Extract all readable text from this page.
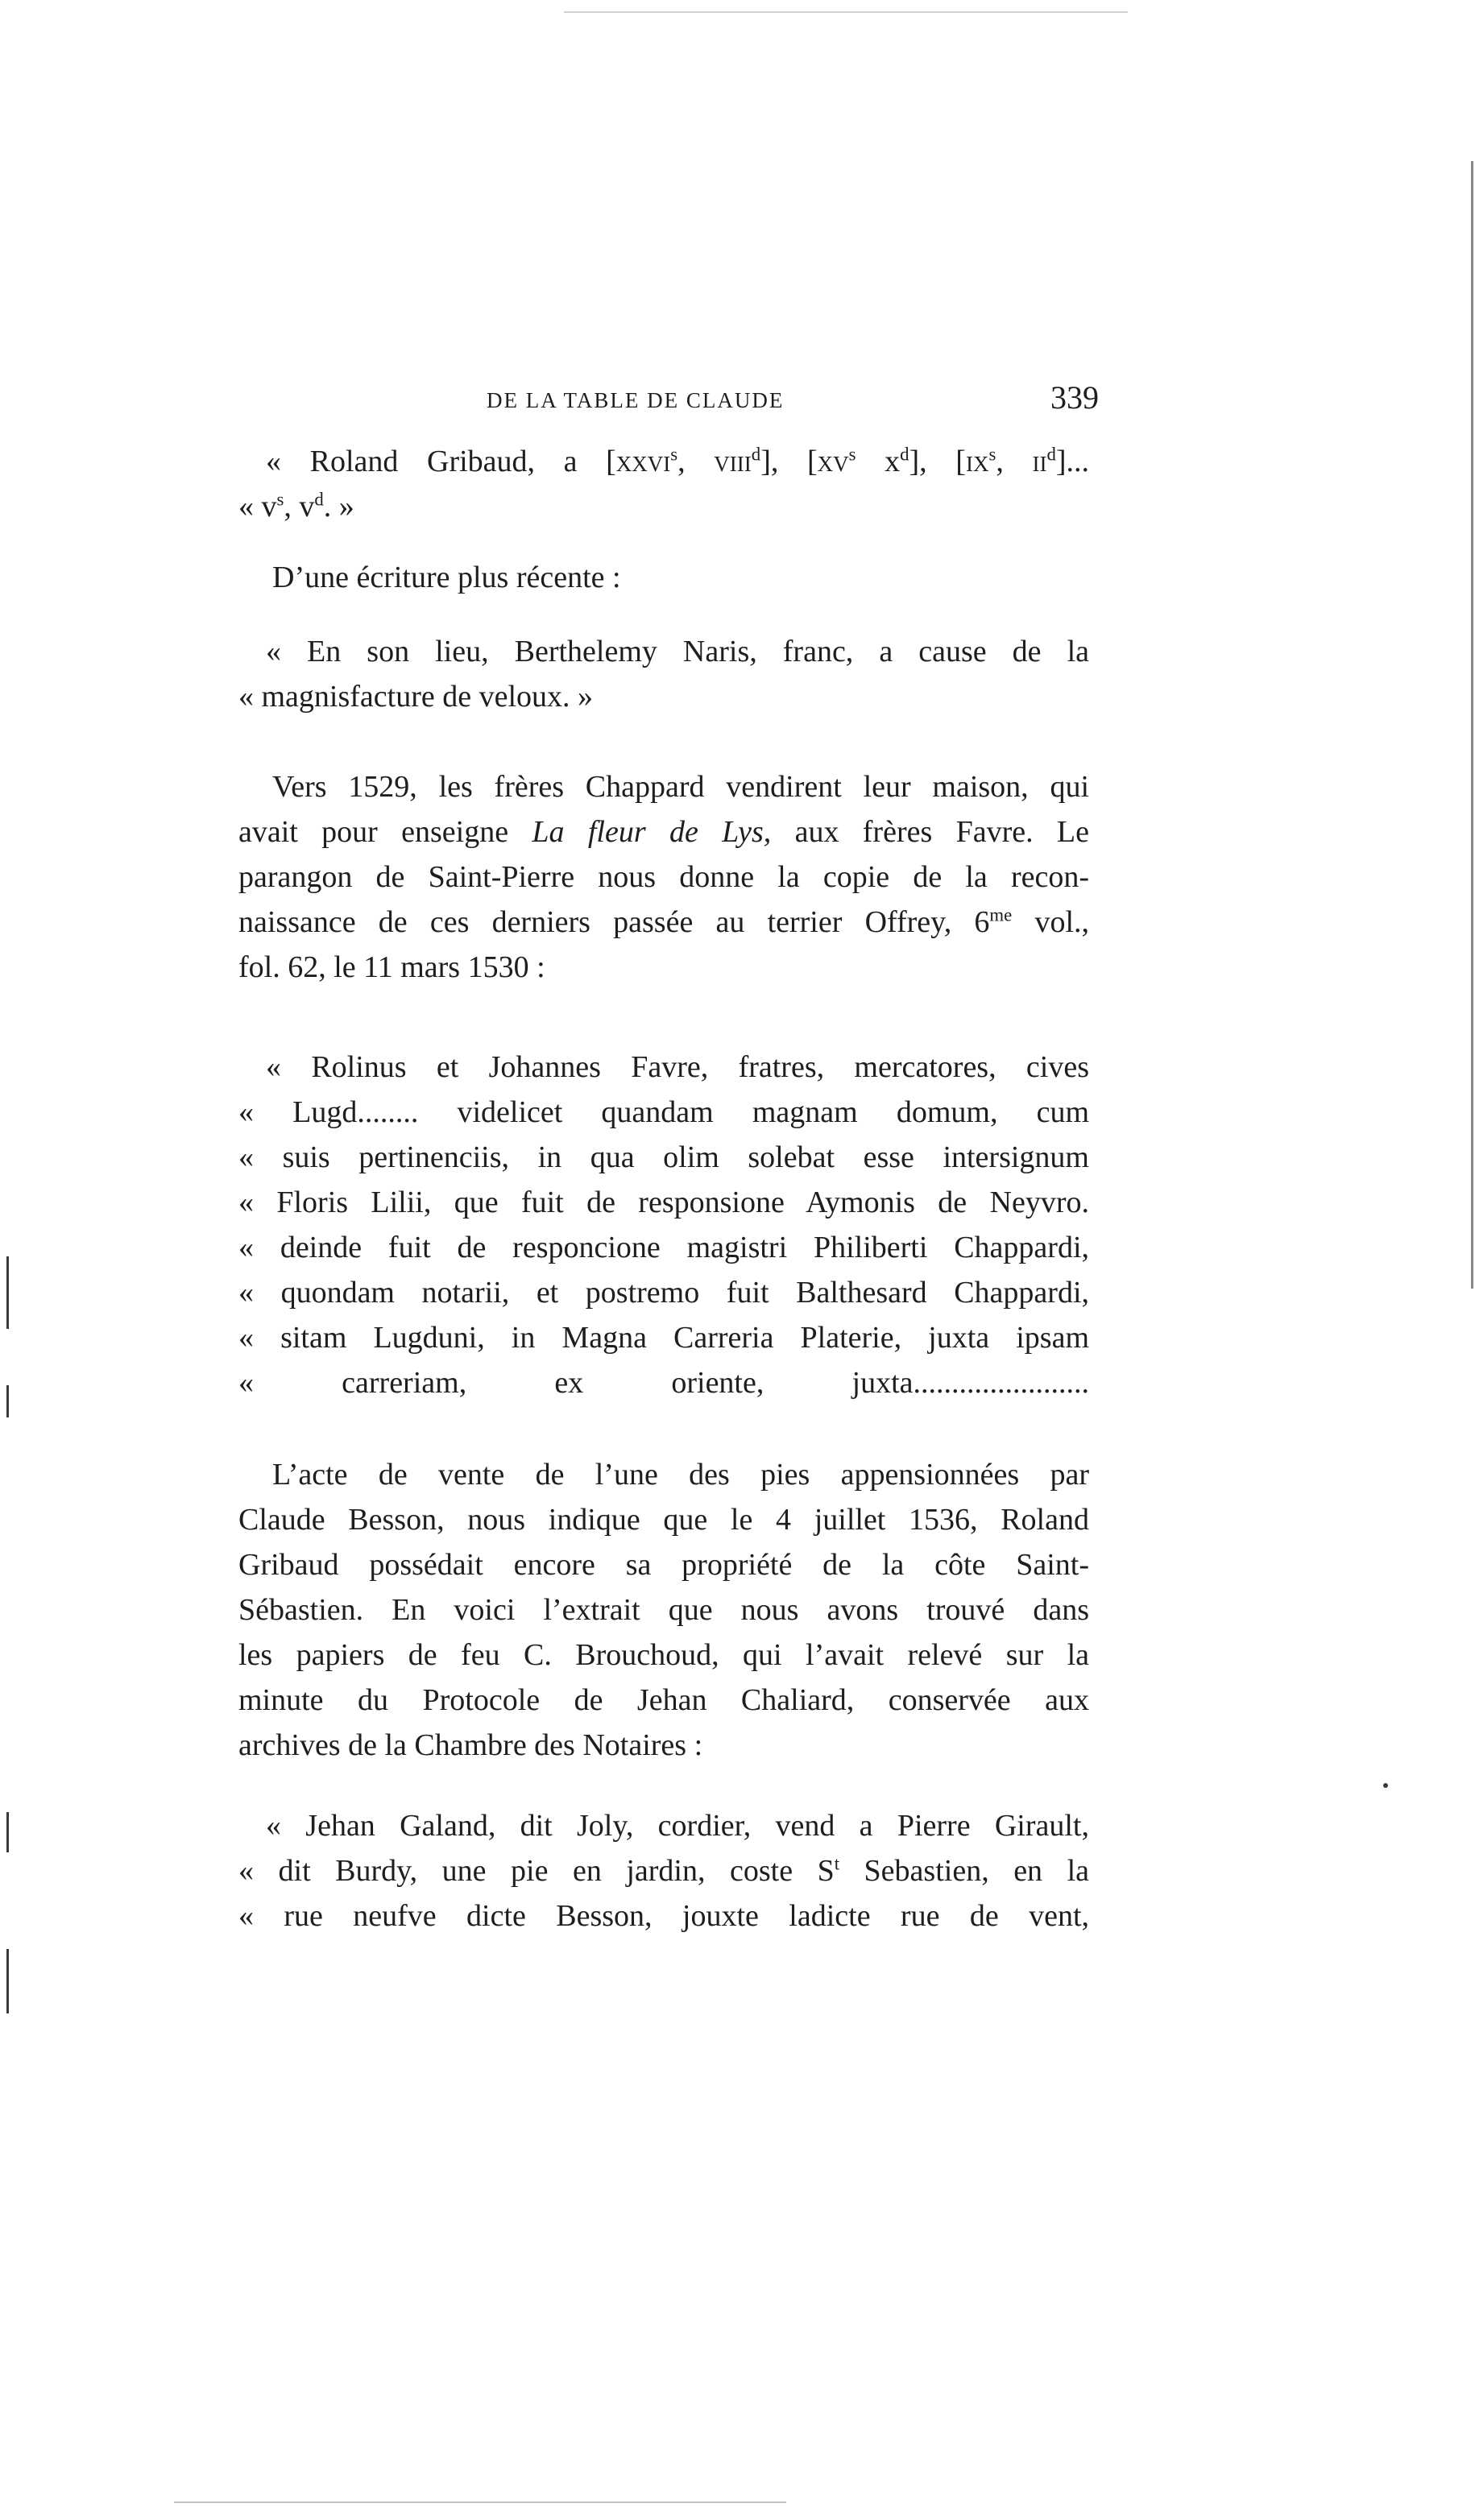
DE LA TABLE DE CLAUDE	339
« Roland Gribaud, a [xxvi$^s$, viii$^d$], [$xv^s$ $x^d$], [$ix^s$, $ii^d$]...
« $v^s$, $v^d$. »
D’une écriture plus récente :
« En son lieu, Berthelemy Naris, franc, a cause de la
« magnisfacture de veloux. »
Vers 1529, les frères Chappard vendirent leur maison, qui
avait pour enseigne La fleur de Lys, aux frères Favre. Le
parangon de Saint-Pierre nous donne la copie de la recon-
naissance de ces derniers passée au terrier Offrey, $6^{me}$ vol.,
fol. 62, le 11 mars 1530 :
« Rolinus et Johannes Favre, fratres, mercatores, cives
« Lugd........ videlicet quandam magnam domum, cum
« suis pertinenciis, in qua olim solebat esse intersignum
« Floris Lilii, que fuit de responsione Aymonis de Neyvro.
« deinde fuit de responcione magistri Philiberti Chappardi,
« quondam notarii, et postremo fuit Balthesard Chappardi,
« sitam Lugduni, in Magna Carreria Platerie, juxta ipsam
« carreriam, ex oriente, juxta.......................
L’acte de vente de l’une des pies appensionnées par
Claude Besson, nous indique que le 4 juillet 1536, Roland
Gribaud possédait encore sa propriété de la côte Saint-
Sébastien. En voici l’extrait que nous avons trouvé dans
les papiers de feu C. Brouchoud, qui l’avait relevé sur la
minute du Protocole de Jehan Chaliard, conservée aux
archives de la Chambre des Notaires :
« Jehan Galand, dit Joly, cordier, vend a Pierre Girault,
« dit Burdy, une pie en jardin, coste $S^t$ Sebastien, en la
« rue neufve dicte Besson, jouxte ladicte rue de vent,
